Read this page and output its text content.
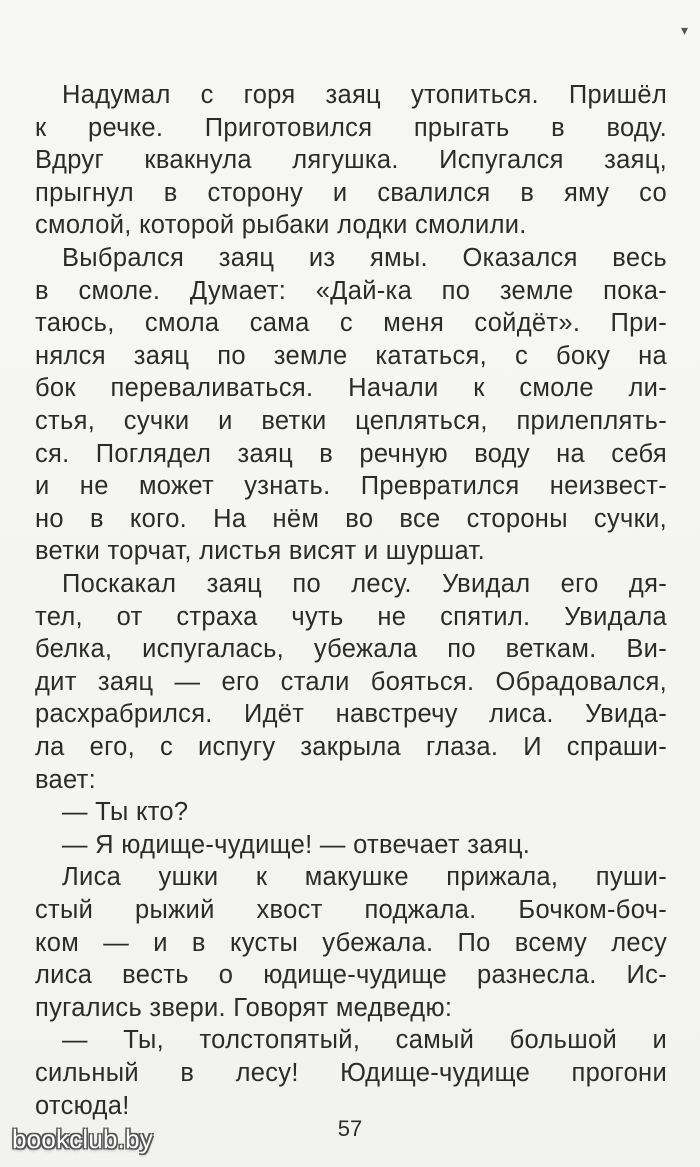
▾
Надумал с горя заяц утопиться. Пришёл
к речке. Приготовился прыгать в воду.
Вдруг квакнула лягушка. Испугался заяц,
прыгнул в сторону и свалился в яму со
смолой, которой рыбаки лодки смолили.
Выбрался заяц из ямы. Оказался весь
в смоле. Думает: «Дай-ка по земле пока-
таюсь, смола сама с меня сойдёт». При-
нялся заяц по земле кататься, с боку на
бок переваливаться. Начали к смоле ли-
стья, сучки и ветки цепляться, прилеплять-
ся. Поглядел заяц в речную воду на себя
и не может узнать. Превратился неизвест-
но в кого. На нём во все стороны сучки,
ветки торчат, листья висят и шуршат.
Поскакал заяц по лесу. Увидал его дя-
тел, от страха чуть не спятил. Увидала
белка, испугалась, убежала по веткам. Ви-
дит заяц — его стали бояться. Обрадовался,
расхрабрился. Идёт навстречу лиса. Увида-
ла его, с испугу закрыла глаза. И спраши-
вает:
— Ты кто?
— Я юдище-чудище! — отвечает заяц.
Лиса ушки к макушке прижала, пуши-
стый рыжий хвост поджала. Бочком-боч-
ком — и в кусты убежала. По всему лесу
лиса весть о юдище-чудище разнесла. Ис-
пугались звери. Говорят медведю:
— Ты, толстопятый, самый большой и
сильный в лесу! Юдище-чудище прогони
отсюда!
57
bookclub.by
